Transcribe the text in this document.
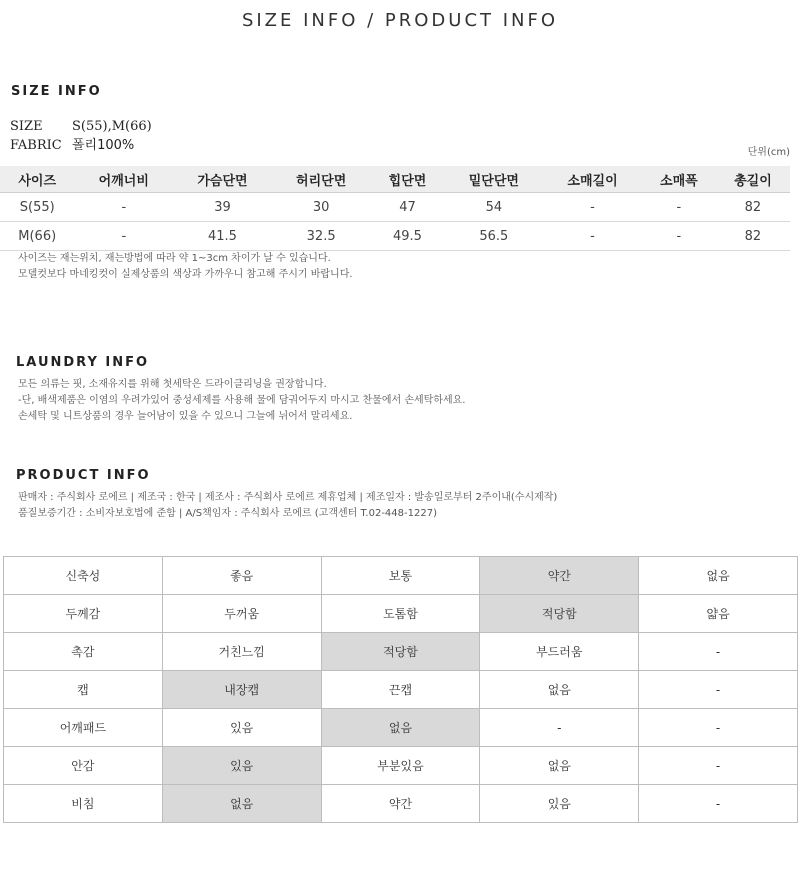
SIZE INFO / PRODUCT INFO
SIZE INFO
SIZE S(55),M(66)
FABRIC 폴리100%	단위(cm)
사이즈	어깨너비	가슴단면	허리단면	힙단면	밑단단면	소매길이	소매폭	총길이
S(55)	-	39	30	47	54	-	-	82
M(66)	-	41.5	32.5	49.5	56.5	-	-	82
사이즈는 재는위치, 재는방법에 따라 약 1~3cm 차이가 날 수 있습니다.
모델컷보다 마네킹컷이 실제상품의 색상과 가까우니 참고해 주시기 바랍니다.
LAUNDRY INFO
모든 의류는 핏, 소재유지를 위해 첫세탁은 드라이클리닝을 권장합니다.
-단, 배색제품은 이염의 우려가있어 중성세제를 사용해 물에 담궈어두지 마시고 찬물에서 손세탁하세요.
손세탁 및 니트상품의 경우 늘어남이 있을 수 있으니 그늘에 뉘어서 말리세요.
PRODUCT INFO
판매자 : 주식회사 로에르 | 제조국 : 한국 | 제조사 : 주식회사 로에르 제휴업체 | 제조일자 : 발송일로부터 2주이내(수시제작)
품질보증기간 : 소비자보호법에 준함 | A/S책임자 : 주식회사 로에르 (고객센터 T.02-448-1227)
신축성	좋음	보통	약간	없음
두께감	두꺼움	도톰함	적당함	얇음
촉감	거친느낌	적당함	부드러움	-
캡	내장캡	끈캡	없음	-
어깨패드	있음	없음	-	-
안감	있음	부분있음	없음	-
비침	없음	약간	있음	-
